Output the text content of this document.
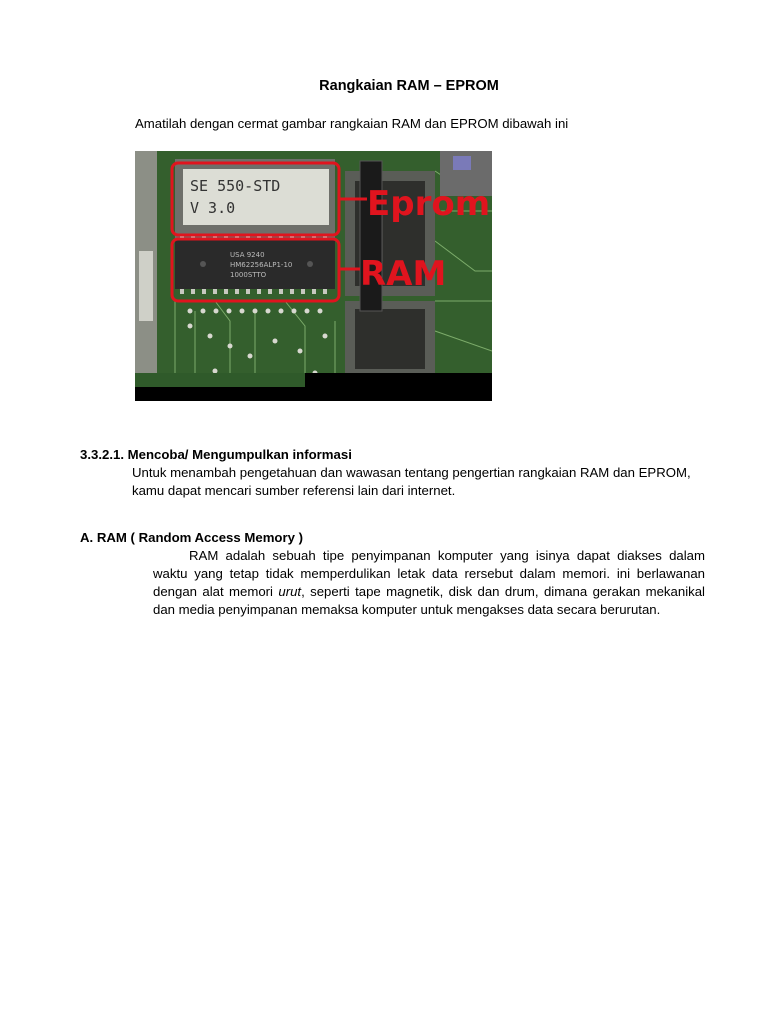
Rangkaian RAM – EPROM
Amatilah dengan cermat gambar rangkaian RAM dan EPROM dibawah ini
SE 550-STD
V 3.0
USA 9240
HM62256ALP1-10
1000STTO
Eprom
RAM
3.3.2.1. Mencoba/ Mengumpulkan informasi
Untuk menambah pengetahuan dan wawasan tentang pengertian rangkaian RAM dan EPROM, kamu dapat mencari sumber referensi lain dari internet.
A. RAM ( Random Access Memory )
RAM adalah sebuah tipe penyimpanan komputer yang isinya dapat diakses dalam waktu yang tetap tidak memperdulikan letak data rersebut dalam memori. ini berlawanan dengan alat memori urut, seperti tape magnetik, disk dan drum, dimana gerakan mekanikal dan media penyimpanan memaksa komputer untuk mengakses data secara berurutan.
